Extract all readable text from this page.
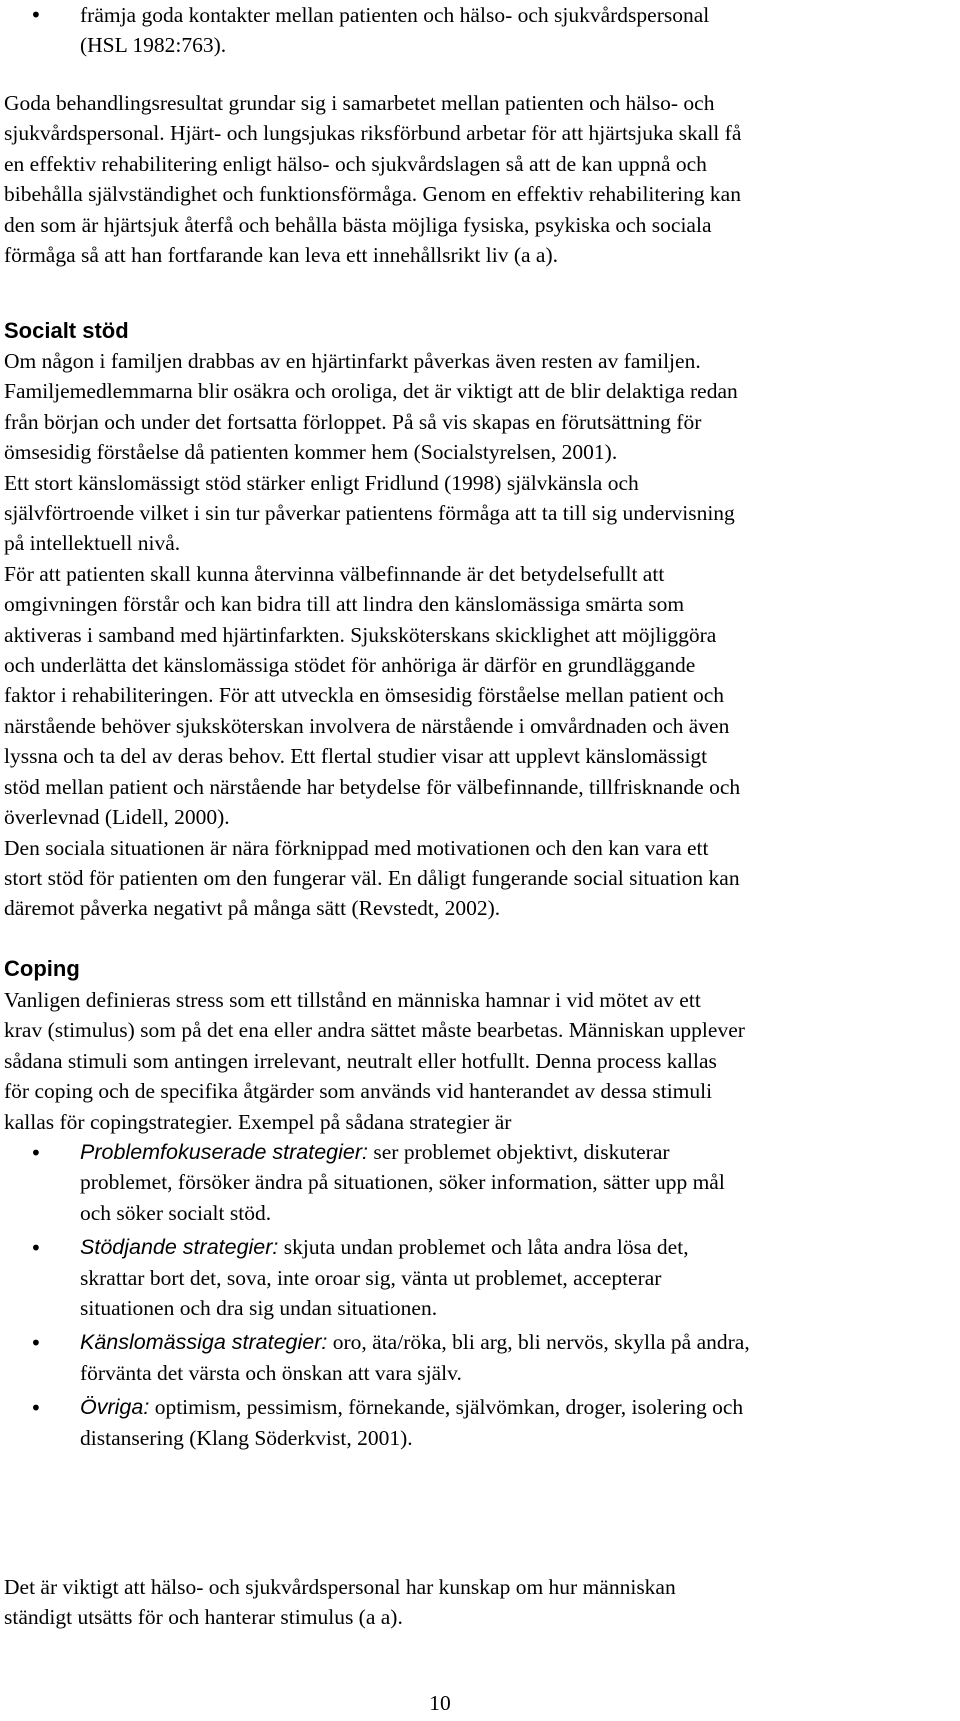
• främja goda kontakter mellan patienten och hälso- och sjukvårdspersonal
(HSL 1982:763).
Goda behandlingsresultat grundar sig i samarbetet mellan patienten och hälso- och
sjukvårdspersonal. Hjärt- och lungsjukas riksförbund arbetar för att hjärtsjuka skall få
en effektiv rehabilitering enligt hälso- och sjukvårdslagen så att de kan uppnå och
bibehålla självständighet och funktionsförmåga. Genom en effektiv rehabilitering kan
den som är hjärtsjuk återfå och behålla bästa möjliga fysiska, psykiska och sociala
förmåga så att han fortfarande kan leva ett innehållsrikt liv (a a).
Socialt stöd
Om någon i familjen drabbas av en hjärtinfarkt påverkas även resten av familjen.
Familjemedlemmarna blir osäkra och oroliga, det är viktigt att de blir delaktiga redan
från början och under det fortsatta förloppet. På så vis skapas en förutsättning för
ömsesidig förståelse då patienten kommer hem (Socialstyrelsen, 2001).
Ett stort känslomässigt stöd stärker enligt Fridlund (1998) självkänsla och
självförtroende vilket i sin tur påverkar patientens förmåga att ta till sig undervisning
på intellektuell nivå.
För att patienten skall kunna återvinna välbefinnande är det betydelsefullt att
omgivningen förstår och kan bidra till att lindra den känslomässiga smärta som
aktiveras i samband med hjärtinfarkten. Sjuksköterskans skicklighet att möjliggöra
och underlätta det känslomässiga stödet för anhöriga är därför en grundläggande
faktor i rehabiliteringen. För att utveckla en ömsesidig förståelse mellan patient och
närstående behöver sjuksköterskan involvera de närstående i omvårdnaden och även
lyssna och ta del av deras behov. Ett flertal studier visar att upplevt känslomässigt
stöd mellan patient och närstående har betydelse för välbefinnande, tillfrisknande och
överlevnad (Lidell, 2000).
Den sociala situationen är nära förknippad med motivationen och den kan vara ett
stort stöd för patienten om den fungerar väl. En dåligt fungerande social situation kan
däremot påverka negativt på många sätt (Revstedt, 2002).
Coping
Vanligen definieras stress som ett tillstånd en människa hamnar i vid mötet av ett
krav (stimulus) som på det ena eller andra sättet måste bearbetas. Människan upplever
sådana stimuli som antingen irrelevant, neutralt eller hotfullt. Denna process kallas
för coping och de specifika åtgärder som används vid hanterandet av dessa stimuli
kallas för copingstrategier. Exempel på sådana strategier är
• Problemfokuserade strategier: ser problemet objektivt, diskuterar
problemet, försöker ändra på situationen, söker information, sätter upp mål
och söker socialt stöd.
• Stödjande strategier: skjuta undan problemet och låta andra lösa det,
skrattar bort det, sova, inte oroar sig, vänta ut problemet, accepterar
situationen och dra sig undan situationen.
• Känslomässiga strategier: oro, äta/röka, bli arg, bli nervös, skylla på andra,
förvänta det värsta och önskan att vara själv.
• Övriga: optimism, pessimism, förnekande, självömkan, droger, isolering och
distansering (Klang Söderkvist, 2001).
Det är viktigt att hälso- och sjukvårdspersonal har kunskap om hur människan
ständigt utsätts för och hanterar stimulus (a a).
10
